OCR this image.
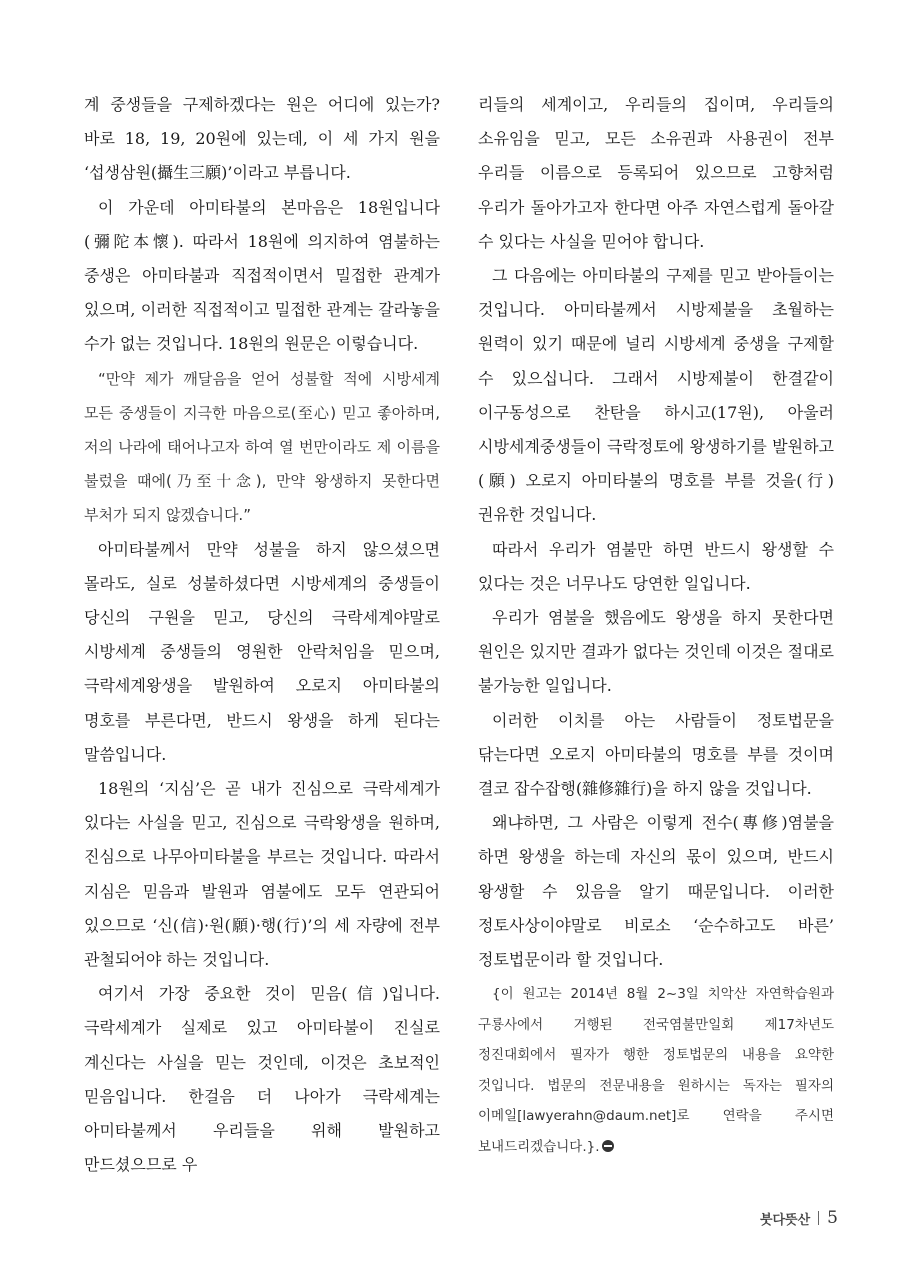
계 중생들을 구제하겠다는 원은 어디에 있는가? 바로 18, 19, 20원에 있는데, 이 세 가지 원을 ‘섭생삼원(攝生三願)’이라고 부릅니다.

이 가운데 아미타불의 본마음은 18원입니다(彌陀本懷). 따라서 18원에 의지하여 염불하는 중생은 아미타불과 직접적이면서 밀접한 관계가 있으며, 이러한 직접적이고 밀접한 관계는 갈라놓을 수가 없는 것입니다. 18원의 원문은 이렇습니다.

“만약 제가 깨달음을 얻어 성불할 적에 시방세계 모든 중생들이 지극한 마음으로(至心) 믿고 좋아하며, 저의 나라에 태어나고자 하여 열 번만이라도 제 이름을 불렀을 때에(乃至十念), 만약 왕생하지 못한다면 부처가 되지 않겠습니다.”

아미타불께서 만약 성불을 하지 않으셨으면 몰라도, 실로 성불하셨다면 시방세계의 중생들이 당신의 구원을 믿고, 당신의 극락세계야말로 시방세계 중생들의 영원한 안락처임을 믿으며, 극락세계왕생을 발원하여 오로지 아미타불의 명호를 부른다면, 반드시 왕생을 하게 된다는 말씀입니다.

18원의 ‘지심’은 곧 내가 진심으로 극락세계가 있다는 사실을 믿고, 진심으로 극락왕생을 원하며, 진심으로 나무아미타불을 부르는 것입니다. 따라서 지심은 믿음과 발원과 염불에도 모두 연관되어 있으므로 ‘신(信)·원(願)·행(行)’의 세 자량에 전부 관철되어야 하는 것입니다.

여기서 가장 중요한 것이 믿음(信)입니다. 극락세계가 실제로 있고 아미타불이 진실로 계신다는 사실을 믿는 것인데, 이것은 초보적인 믿음입니다. 한걸음 더 나아가 극락세계는 아미타불께서 우리들을 위해 발원하고 만드셨으므로 우

리들의 세계이고, 우리들의 집이며, 우리들의 소유임을 믿고, 모든 소유권과 사용권이 전부 우리들 이름으로 등록되어 있으므로 고향처럼 우리가 돌아가고자 한다면 아주 자연스럽게 돌아갈 수 있다는 사실을 믿어야 합니다.

그 다음에는 아미타불의 구제를 믿고 받아들이는 것입니다. 아미타불께서 시방제불을 초월하는 원력이 있기 때문에 널리 시방세계 중생을 구제할 수 있으십니다. 그래서 시방제불이 한결같이 이구동성으로 찬탄을 하시고(17원), 아울러 시방세계중생들이 극락정토에 왕생하기를 발원하고(願) 오로지 아미타불의 명호를 부를 것을(行) 권유한 것입니다.

따라서 우리가 염불만 하면 반드시 왕생할 수 있다는 것은 너무나도 당연한 일입니다.

우리가 염불을 했음에도 왕생을 하지 못한다면 원인은 있지만 결과가 없다는 것인데 이것은 절대로 불가능한 일입니다.

이러한 이치를 아는 사람들이 정토법문을 닦는다면 오로지 아미타불의 명호를 부를 것이며 결코 잡수잡행(雜修雜行)을 하지 않을 것입니다.

왜냐하면, 그 사람은 이렇게 전수(專修)염불을 하면 왕생을 하는데 자신의 몫이 있으며, 반드시 왕생할 수 있음을 알기 때문입니다. 이러한 정토사상이야말로 비로소 ‘순수하고도 바른’ 정토법문이라 할 것입니다.

{이 원고는 2014년 8월 2~3일 치악산 자연학습원과 구룡사에서 거행된 전국염불만일회 제17차년도 정진대회에서 필자가 행한 정토법문의 내용을 요약한 것입니다. 법문의 전문내용을 원하시는 독자는 필자의 이메일[lawyerahn@daum.net]로 연락을 주시면 보내드리겠습니다.}.

붓다뜻산 5
